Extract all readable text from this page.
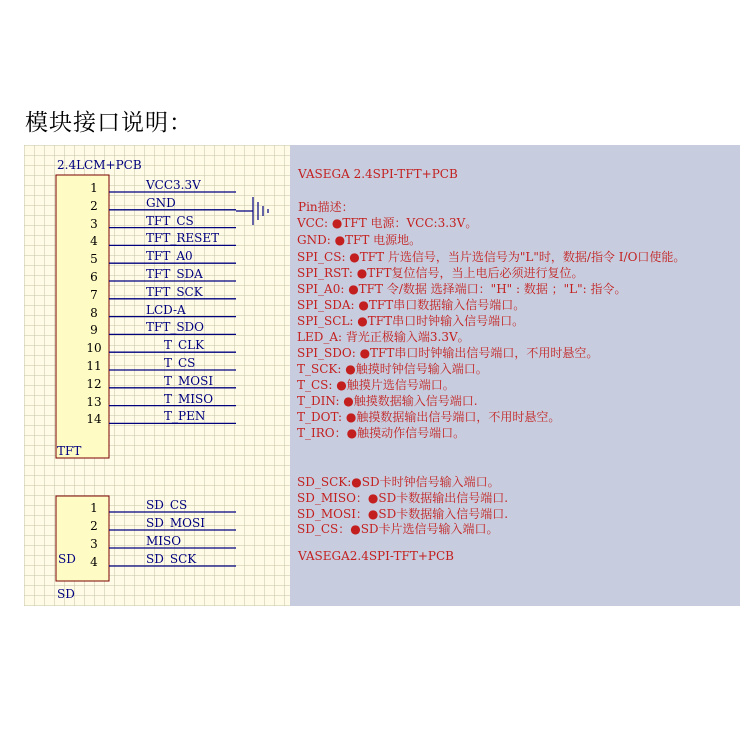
模块接口说明：
2.4LCM+PCB
TFT
SD
SD
1	VCC3.3V
2	GND
3	TFT_CS
4	TFT_RESET
5	TFT_A0
6	TFT_SDA
7	TFT_SCK
8	LCD-A
9	TFT_SDO
10	T_CLK
11	T_CS
12	T_MOSI
13	T_MISO
14	T_PEN
1	SD_CS
2	SD_MOSI
3	MISO
4	SD_SCK
VASEGA 2.4SPI-TFT+PCB
Pin描述：
VCC: ●TFT 电源：VCC:3.3V。
GND: ●TFT 电源地。
SPI_CS: ●TFT 片选信号，当片选信号为"L"时，数据/指令 I/O口使能。
SPI_RST: ●TFT复位信号，当上电后必须进行复位。
SPI_A0: ●TFT 令/数据 选择端口："H" : 数据 ；"L": 指令。
SPI_SDA: ●TFT串口数据输入信号端口。
SPI_SCL: ●TFT串口时钟输入信号端口。
LED_A: 背光正极输入端3.3V。
SPI_SDO: ●TFT串口时钟输出信号端口，不用时悬空。
T_SCK: ●触摸时钟信号输入端口。
T_CS: ●触摸片选信号端口。
T_DIN: ●触摸数据输入信号端口.
T_DOT: ●触摸数据输出信号端口，不用时悬空。
T_IRO：●触摸动作信号端口。
SD_SCK:●SD卡时钟信号输入端口。
SD_MISO：●SD卡数据输出信号端口.
SD_MOSI：●SD卡数据输入信号端口.
SD_CS：●SD卡片选信号输入端口。
VASEGA2.4SPI-TFT+PCB
